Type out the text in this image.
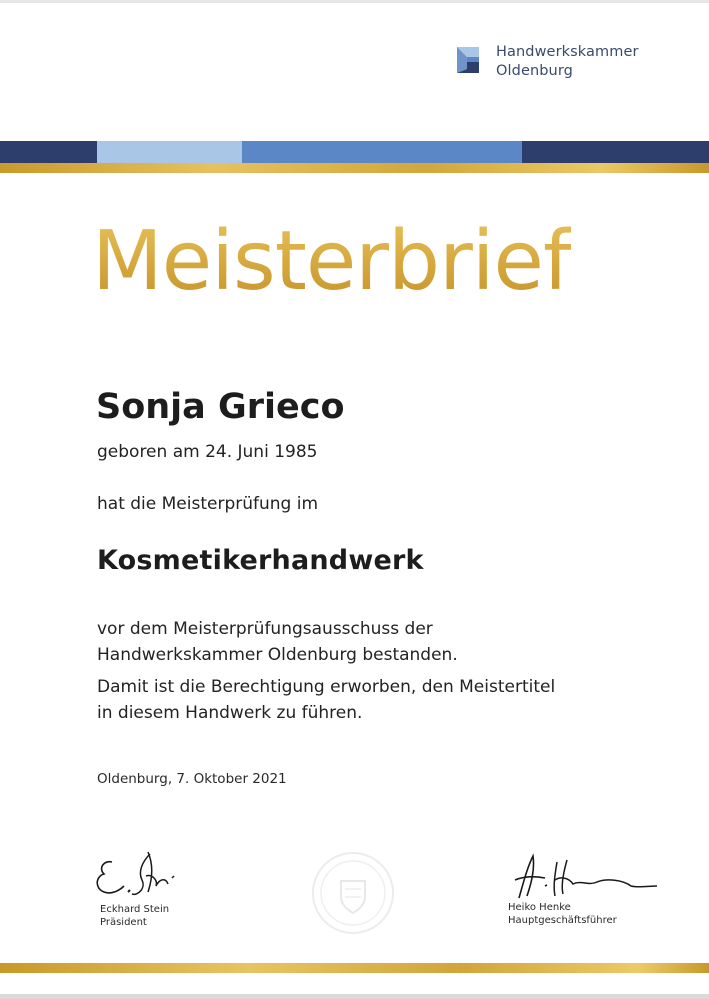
Handwerkskammer
Oldenburg
Meisterbrief
Sonja Grieco
geboren am 24. Juni 1985
hat die Meisterprüfung im
Kosmetikerhandwerk
vor dem Meisterprüfungsausschuss der
Handwerkskammer Oldenburg bestanden.
Damit ist die Berechtigung erworben, den Meistertitel
in diesem Handwerk zu führen.
Oldenburg, 7. Oktober 2021
Eckhard Stein
Präsident
Heiko Henke
Hauptgeschäftsführer
